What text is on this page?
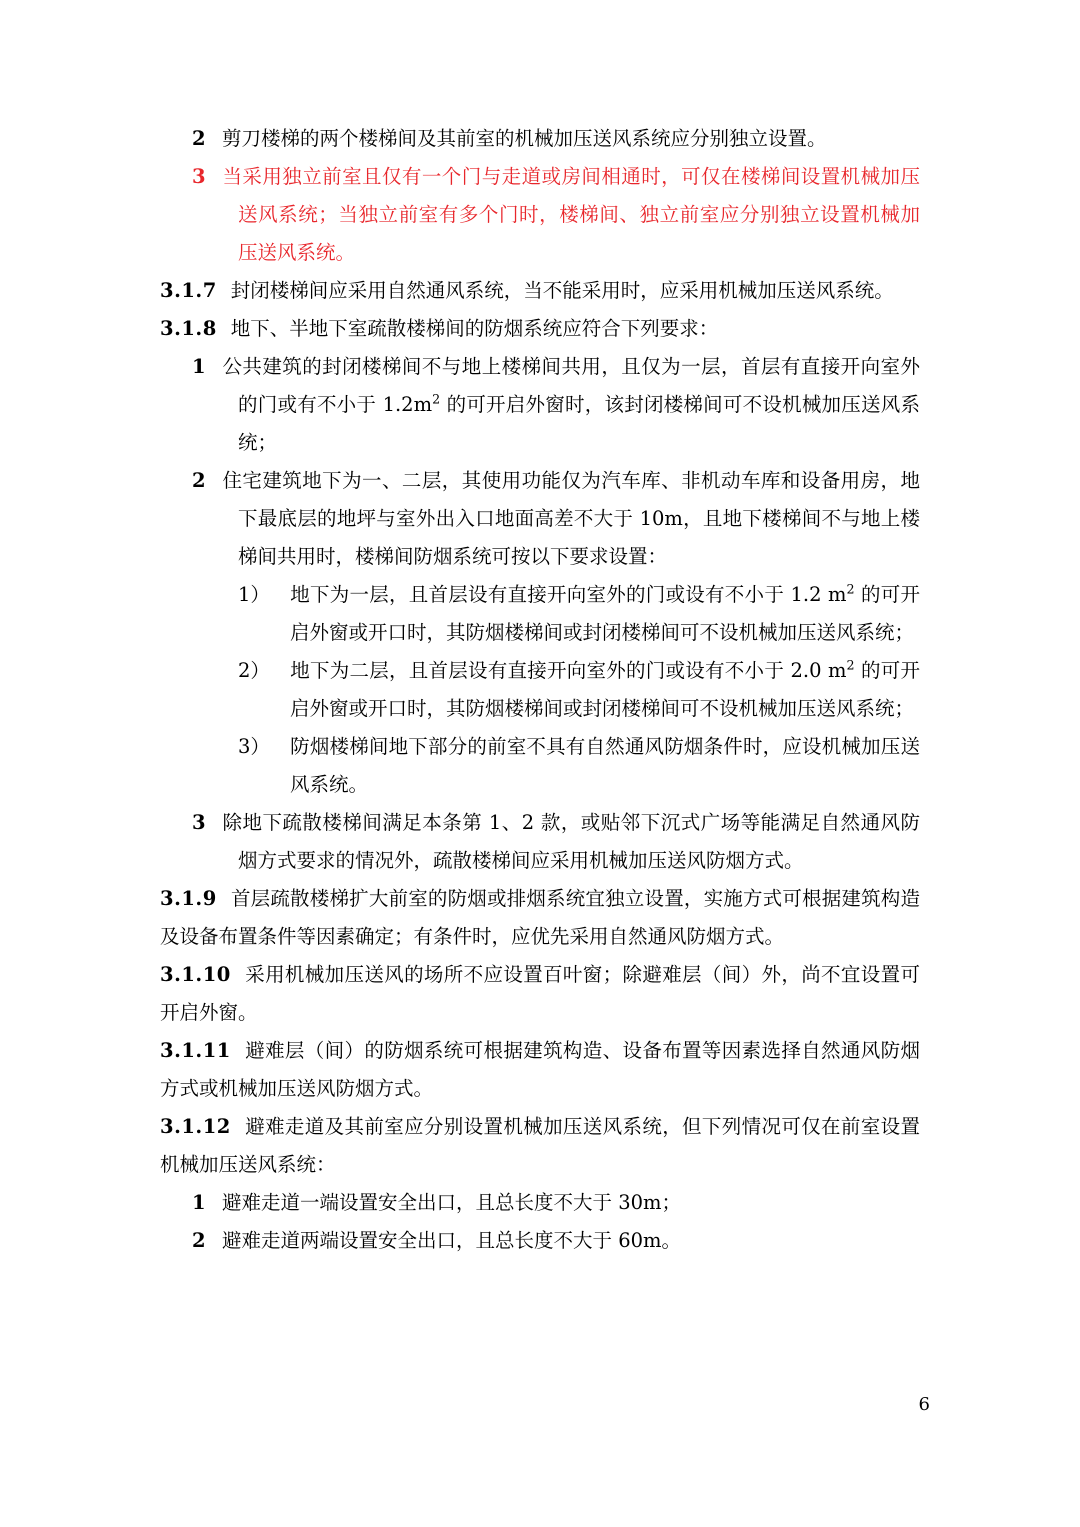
2 剪刀楼梯的两个楼梯间及其前室的机械加压送风系统应分别独立设置。

3 当采用独立前室且仅有一个门与走道或房间相通时，可仅在楼梯间设置机械加压送风系统；当独立前室有多个门时，楼梯间、独立前室应分别独立设置机械加压送风系统。

3.1.7 封闭楼梯间应采用自然通风系统，当不能采用时，应采用机械加压送风系统。

3.1.8 地下、半地下室疏散楼梯间的防烟系统应符合下列要求：

1 公共建筑的封闭楼梯间不与地上楼梯间共用，且仅为一层，首层有直接开向室外的门或有不小于 $1.2m^2$ 的可开启外窗时，该封闭楼梯间可不设机械加压送风系统；

2 住宅建筑地下为一、二层，其使用功能仅为汽车库、非机动车库和设备用房，地下最底层的地坪与室外出入口地面高差不大于 10m，且地下楼梯间不与地上楼梯间共用时，楼梯间防烟系统可按以下要求设置：

1） 地下为一层，且首层设有直接开向室外的门或设有不小于 1.2 $m^2$ 的可开启外窗或开口时，其防烟楼梯间或封闭楼梯间可不设机械加压送风系统；

2） 地下为二层，且首层设有直接开向室外的门或设有不小于 2.0 $m^2$ 的可开启外窗或开口时，其防烟楼梯间或封闭楼梯间可不设机械加压送风系统；

3） 防烟楼梯间地下部分的前室不具有自然通风防烟条件时，应设机械加压送风系统。

3 除地下疏散楼梯间满足本条第 1、2 款，或贴邻下沉式广场等能满足自然通风防烟方式要求的情况外，疏散楼梯间应采用机械加压送风防烟方式。

3.1.9 首层疏散楼梯扩大前室的防烟或排烟系统宜独立设置，实施方式可根据建筑构造及设备布置条件等因素确定；有条件时，应优先采用自然通风防烟方式。

3.1.10 采用机械加压送风的场所不应设置百叶窗；除避难层（间）外，尚不宜设置可开启外窗。

3.1.11 避难层（间）的防烟系统可根据建筑构造、设备布置等因素选择自然通风防烟方式或机械加压送风防烟方式。

3.1.12 避难走道及其前室应分别设置机械加压送风系统，但下列情况可仅在前室设置机械加压送风系统：

1 避难走道一端设置安全出口，且总长度不大于 30m；

2 避难走道两端设置安全出口，且总长度不大于 60m。

6
